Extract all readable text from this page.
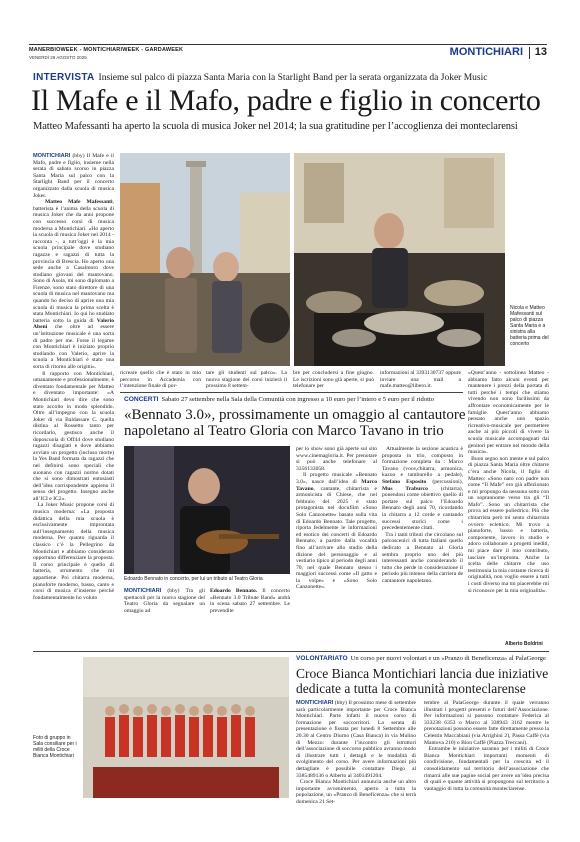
MANERBIOWEEK - MONTICHIARIWEEK - GARDAWEEK
VENERDÌ 29 AGOSTO 2025	MONTICHIARI 13
INTERVISTA Insieme sul palco di piazza Santa Maria con la Starlight Band per la serata organizzata da Joker Music
Il Mafe e il Mafo, padre e figlio in concerto
Matteo Mafessanti ha aperto la scuola di musica Joker nel 2014; la sua gratitudine per l’accoglienza dei monteclarensi
MONTICHIARI (bby) Il Mafe e il Mafo, padre e figlio, insieme nella serata di sabato scorso in piazza Santa Maria sul palco con la Starlight Band per il concerto organizzato dalla scuola di musica Joker.
Matteo Mafe Mafessanti, batterista è l’anima della scuola di musica Joker che da anni propone con successo corsi di musica moderna a Montichiari. «Ho aperto la scuola di musica Joker nel 2014 - racconta -, a tutt’oggi è la mia scuola principale dove studiano ragazze e ragazzi di tutta la provincia di Brescia. Ho aperto una sede anche a Casalmoro dove studiano giovani del mantovano. Sono di Asola, mi sono diplomato a Firenze, sono stato direttore di una scuola di musica nel mantovano ma quando ho deciso di aprire una mia scuola di musica la prima scelta è stata Montichiari. Io qui ho studiato batteria sotto la guida di Valerio Abeni che oltre ad essere un’istituzione musicale è una sorta di padre per me. Forse il legame con Montichiari è iniziato proprio studiando con Valerio, aprire la scuola a Montichiari è stato una sorta di ritorno alle origini».
Il rapporto con Montichiari, umanamente e professionalmente, è diventato fondamentale per Matteo e diventato importante: «A Montichiari devo dire che sono stato accolto in modo splendido. Oltre all’impegno con la scuola Joker di via Baldassare C. quella distina al Rossetto tanto per ricordarlo, gestisco anche il doposcuola di Off44 dove studiano ragazzi disagiati e dove abbiamo avviato un progetto (incluso morte) la Yes Band formata da ragazzi che nel definirsi sono speciali che suonano con ragazzi normo dotati che si sono dimostrati entusiasti dell’idea corrispondente appieno il senso del progetto. Insegno anche all’ICI e IC2».
La Joker Music propone corsi di musica moderna: «La proposta didattica della mia scuola è esclusivamente improntata sull’insegnamento della musica moderna. Per quanto riguarda il classico c’è la Pellegrino da Montichiari e abbiamo considerato opportuno differenziare la proposta. Il corso principale è quello di batteria, strumento che mi appartiene. Poi chitarra moderna, pianoforte moderno, basso, canto e corsi di musica d’insieme perché fondamentalmente ho voluto
Nicola e Matteo Mafessanti sul palco di piazza Santa Maria e a sinistra alla batteria prima del concerto
ricreare quello che è stato in mio percorso in Accademia con l’intenzione finale di por-
tare gli studenti sul palco». La nuova stagione dei corsi inizierà il prossimo 8 settem-
bre per concludersi a fine giugno. Le iscrizioni sono già aperte, si può telefonare per
informazioni al 3393130737 oppure inviare una mail a mafe.matteo@libero.it.
«Quest’anno - sottolinea Matteo - abbiamo fatto alcuni eventi per mantenere i prezzi della portata di tutti perché i tempi che stiamo vivendo non sono facilissimi da affrontare economicamente per le famiglie. Quest’anno abbiamo pensato anche uno spazio ricreativo-musicale per permettere anche ai più piccoli di vivere la scuola musicale accompagnati dai genitori per entrare nel mondo della musica».
Buon segno non mente e sul palco di piazza Santa Maria oltre chitarre c’era anche Nicola, il figlio di Matteo: «Sono nato con padre non come “Il Mafe” ero già affezionato e mi propongo da nessuna sotto con un soprannome verso tra gli “Il Mafo”. Sono un chitarrista che prova ad essere poliedrico. Più che chitarrista però mi sento chitarrista ovvero eclettico. Mi trovo a pianoforte, basso e batteria, componente, lavoro in studio e adoro collaborare a progetti inediti, mi piace dare il mio contributo, lasciare un’impronta. Anche la scelta delle chitarre che uso testimonia la mia costante ricerca di originalità, non voglio essere a tutti i costi diverso ma mi piacerebbe mi si riconosce per la mia originalità».
Alberto Boldrini
CONCERTI Sabato 27 settembre nella Sala della Comunità con ingresso a 10 euro per l’intero e 5 euro per il ridotto
«Bennato 3.0», prossimamente un omaggio al cantautore
napoletano al Teatro Gloria con Marco Tavano in trio
Edoardo Bennato in concerto, per lui un tributo al Teatro Gloria
MONTICHIARI (bby) Tra gli spettacoli per la nuova stagione del Teatro Gloria da segnalare un omaggio ad
Edoardo Bennato. Il concerto «Bennato 3.0 Tribute Band» andrà in scena sabato 27 settembre. Le prevendite
per lo show sono già aperte sul sito www.cinemagloria.it. Per prenotare si può anche telefonare al 3356133058.
Il progetto musicale «Bennato 3.0», nasce dall’idea di Marco Tavano, cantante, chitarrista e armonicista di Chiese, che nel febbraio del 2025 è stato protagonista nel docufilm «Sono Solo Canzonette» basato sulla vita di Edoardo Bennato. Tale progetto, riporta fedelmente le informazioni ed esotico dei concerti di Edoardo Bennato, a partire dalla vocalità fino all’arrivare allo studio della dizione del personaggio e al vestiario tipico al periodo degli anni 70, nel quale Bennato stesso i maggiori successi come «Il gatto e la volpe» e «Sono Solo Canzonette».
Attualmente la sezione acustica è proposta in trio, composto in formazione completa da : Marco Tavano (voce,chitarra, armonica, kazoo e tamburello a pedale), Stefano Esposito (percussioni), Mus Traburco (chitarra), ponendosi come obiettivo quello di portare sul palco l’Edoardo Bennato degli anni 70, ricordando la chitarra a 12 corde e cantando successi storici come i precedentemente citati.
Tra i tanti tributi che circolano sul palcoscenici di tutta Italiani quello dedicato a Bennato al Gloria sembra proprio uno dei più interessanti anche considerando il tutto che perde in considerazione il periodo più intenso della carriera de cantautore napoletano.
VOLONTARIATO Un corso per nuovi volontari e un «Pranzo di Beneficenza» al PalaGeorge
Croce Bianca Montichiari lancia due iniziative
dedicate a tutta la comunità monteclarense
Foto di gruppo in Sala consiliare per i militi della Croce Bianca Montichiari
MONTICHIARI (bby) Il prossimo mese di settembre sarà particolarmente importante per Croce Bianca Montichiari. Parte infatti il nuovo corso di formazione per soccorritori. La serata di presentazione è fissata per lunedì 8 Settembre alle 20.30 al Centro Diurno (Casa Bianca) in via Mulino di Mezzo: durante l’incontro gli istruttori dell’associazione di soccorso pubblico avranno modo di illustrare tutti i dettagli e le modalità di svolgimento del corso. Per avere informazioni più dettagliate è possibile contattare Diego al 3385489136 o Alberto al 3401491204.
Croce Bianca Montichiari annuncia anche un altro importante avvenimento, aperto a tutta la popolazione, un «Pranzo di Beneficenza» che si terrà domenica 21 Set-
tembre al PalaGeorge durante il quale verranno illustrati i progetti presenti e futuri dell’Associazione. Per informazioni si possono contattare Federica al 333238 6353 o Marco al 338943 3162 mentre le prenotazioni possono essere fatte direttamente presso la Celestin Maccabiani (via Arrighini 2), Passa Caffè (via Mantova 210) o Bion Caffè (Piazza Treccani).
Entrambe le iniziative saranno per i militi di Croce Bianca Montichiari importanti momenti di condivisione, fondamentali per la crescita ed il consolidamento sul territorio dell’associazione che rimarrà alle sue pagine social per avere un’idea precisa di quali e quante attività si propongono sul territorio a vantaggio di tutta la comunità monteclarense.
